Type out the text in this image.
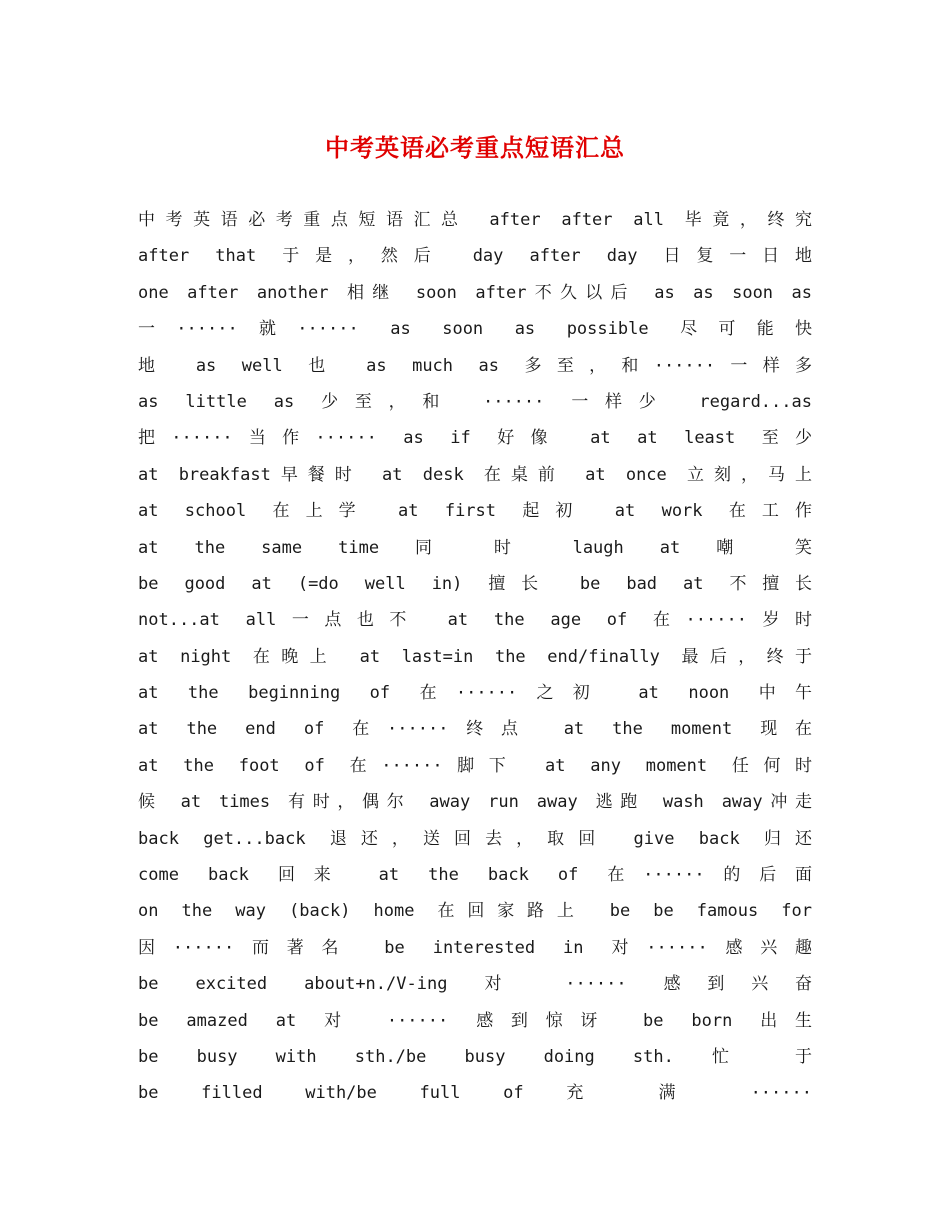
中考英语必考重点短语汇总
中考英语必考重点短语汇总 after after all 毕竟，终究
after that 于是，然后 day after day 日复一日地
one after another 相继 soon after不久以后 as as soon as
一······就······ as soon as possible 尽可能快
地 as well 也 as much as 多至，和······一样多
as little as 少至，和 ······ 一样少 regard...as
把······当作······ as if 好像 at at least 至少
at breakfast早餐时 at desk 在桌前 at once 立刻，马上
at school 在上学 at first 起初 at work 在工作
at the same time 同 时 laugh at 嘲 笑
be good at (=do well in) 擅长 be bad at 不擅长
not...at all一点也不 at the age of 在······岁时
at night 在晚上 at last=in the end/finally 最后，终于
at the beginning of 在······之初 at noon 中午
at the end of 在······终点 at the moment 现在
at the foot of 在······脚下 at any moment 任何时
候 at times 有时，偶尔 away run away 逃跑 wash away冲走
back get...back 退还，送回去，取回 give back 归还
come back 回来 at the back of 在······的后面
on the way (back) home 在回家路上 be be famous for
因······而著名 be interested in 对······感兴趣
be excited about+n./V-ing 对 ······ 感到兴奋
be amazed at 对 ······ 感到惊讶 be born 出生
be busy with sth./be busy doing sth. 忙 于
be filled with/be full of 充 满 ······
